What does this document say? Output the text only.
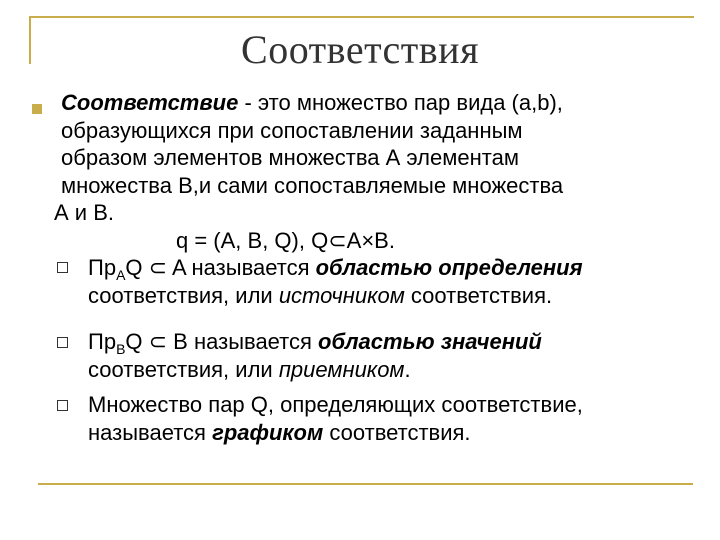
Соответствия
Соответствие - это множество пар вида (a,b),
образующихся при сопоставлении заданным
образом элементов множества А элементам
множества В,и сами сопоставляемые множества
А и В.
q = (A, B, Q), Q⊂A×B.
$Пр_AQ$ ⊂ A называется областью определения
соответствия, или источником соответствия.
$Пр_BQ$ ⊂ B называется областью значений
соответствия, или приемником.
Множество пар Q, определяющих соответствие,
называется графиком соответствия.
